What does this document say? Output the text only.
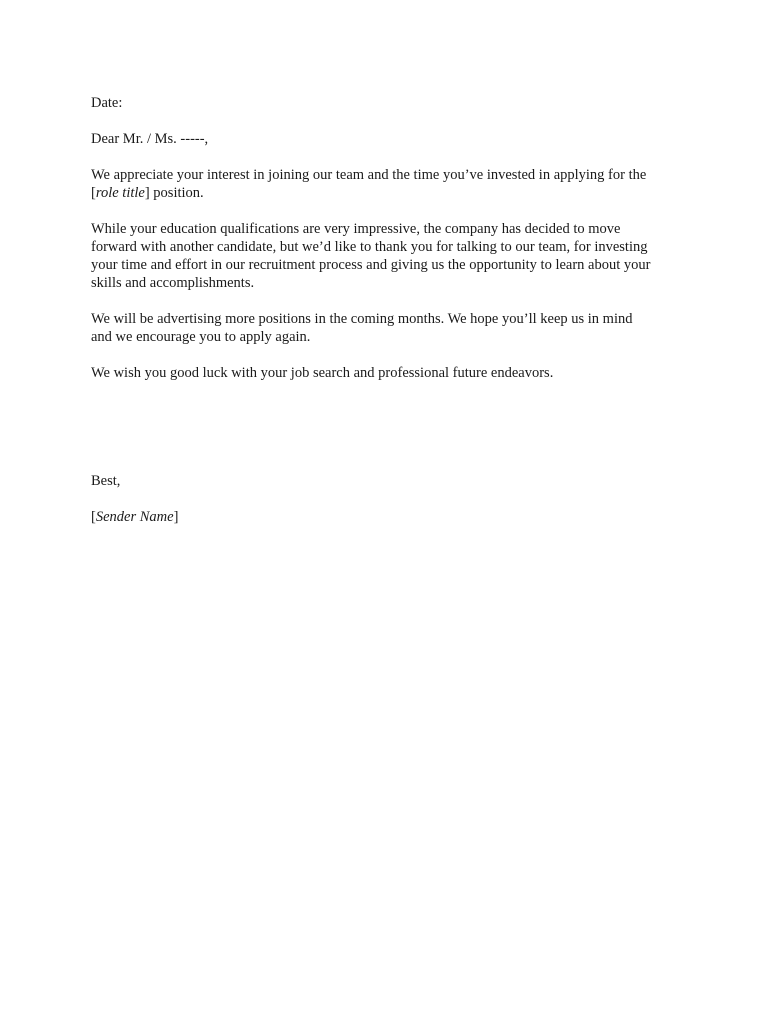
Date:

Dear Mr. / Ms. -----,

We appreciate your interest in joining our team and the time you’ve invested in applying for the
[role title] position.

While your education qualifications are very impressive, the company has decided to move
forward with another candidate, but we’d like to thank you for talking to our team, for investing
your time and effort in our recruitment process and giving us the opportunity to learn about your
skills and accomplishments.

We will be advertising more positions in the coming months. We hope you’ll keep us in mind
and we encourage you to apply again.

We wish you good luck with your job search and professional future endeavors.

Best,

[Sender Name]
